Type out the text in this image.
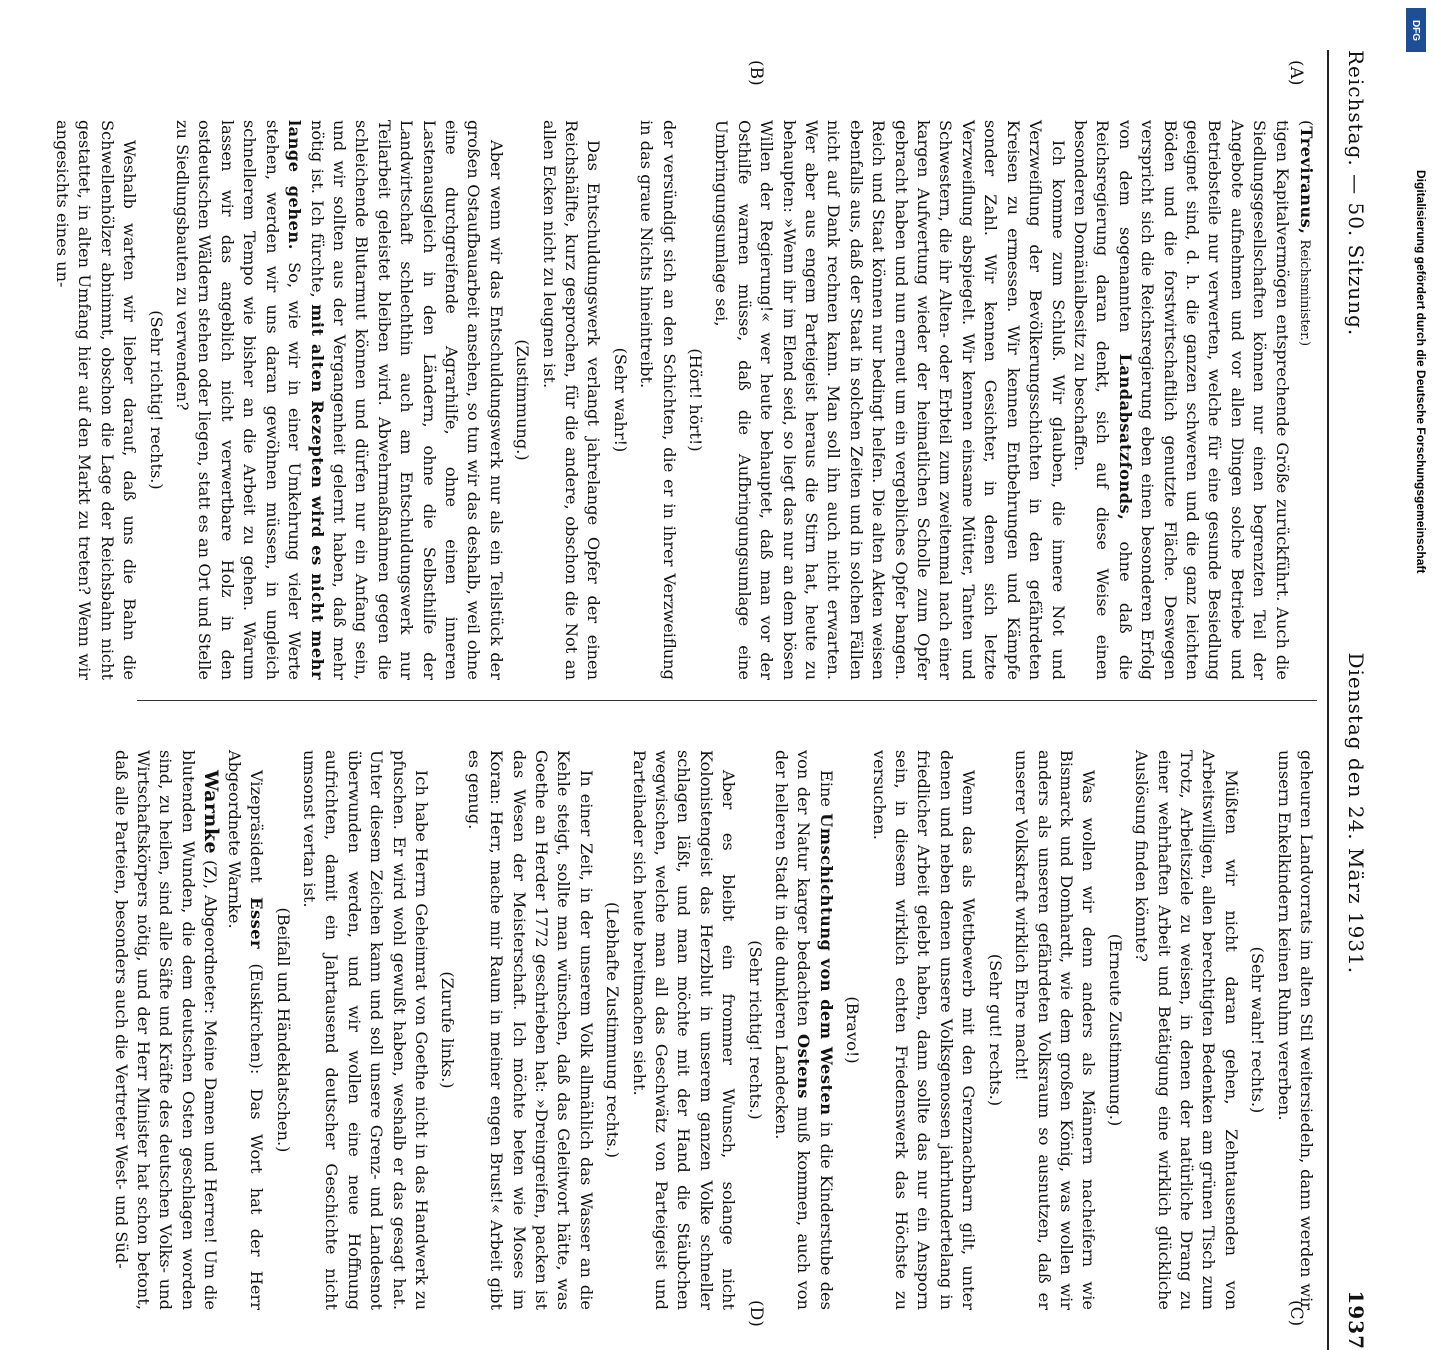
Reichstag. — 50. Sitzung.
Dienstag den 24. März 1931.
1937
(A)
(B)
(C)
(D)

(Treviranus, Reichsminister.)

tigen Kapitalvermögen entsprechende Größe zurückführt. Auch die Siedlungsgesellschaften können nur einen begrenzten Teil der Angebote aufnehmen und vor allen Dingen solche Betriebe und Betriebsteile nur verwerten, welche für eine gesunde Besiedlung geeignet sind, d. h. die ganzen schweren und die ganz leichten Böden und die forstwirtschaftlich genutzte Fläche. Deswegen verspricht sich die Reichsregierung eben einen besonderen Erfolg von dem sogenannten Landabsatzfonds, ohne daß die Reichsregierung daran denkt, sich auf diese Weise einen besonderen Domänialbesitz zu beschaffen.

Ich komme zum Schluß. Wir glauben, die innere Not und Verzweiflung der Bevölkerungsschichten in den gefährdeten Kreisen zu ermessen. Wir kennen Entbehrungen und Kämpfe sonder Zahl. Wir kennen Gesichter, in denen sich letzte Verzweiflung abspiegelt. Wir kennen einsame Mütter, Tanten und Schwestern, die ihr Alten- oder Erbteil zum zweitenmal nach einer kargen Aufwertung wieder der heimatlichen Scholle zum Opfer gebracht haben und nun erneut um ein vergebliches Opfer bangen. Reich und Staat können nur bedingt helfen. Die alten Akten weisen ebenfalls aus, daß der Staat in solchen Zeiten und in solchen Fällen nicht auf Dank rechnen kann. Man soll ihn auch nicht erwarten. Wer aber aus engem Parteigeist heraus die Stirn hat, heute zu behaupten: »Wenn ihr im Elend seid, so liegt das nur an dem bösen Willen der Regierung!« wer heute behauptet, daß man vor der Osthilfe warnen müsse, daß die Aufbringungsumlage eine Umbringungsumlage sei,

(Hört! hört!)

der versündigt sich an den Schichten, die er in ihrer Verzweiflung in das graue Nichts hineintreibt.

(Sehr wahr!)

Das Entschuldungswerk verlangt jahrelange Opfer der einen Reichshälfte, kurz gesprochen, für die andere, obschon die Not an allen Ecken nicht zu leugnen ist.

(Zustimmung.)

Aber wenn wir das Entschuldungswerk nur als ein Teilstück der großen Ostaufbauarbeit ansehen, so tun wir das deshalb, weil ohne eine durchgreifende Agrarhilfe, ohne einen inneren Lastenausgleich in den Ländern, ohne die Selbsthilfe der Landwirtschaft schlechthin auch am Entschuldungswerk nur Teilarbeit geleistet bleiben wird. Abwehrmaßnahmen gegen die schleichende Blutarmut können und dürfen nur ein Anfang sein, und wir sollten aus der Vergangenheit gelernt haben, daß mehr nötig ist. Ich fürchte, mit alten Rezepten wird es nicht mehr lange gehen. So, wie wir in einer Umkehrung vieler Werte stehen, werden wir uns daran gewöhnen müssen, in ungleich schnellerem Tempo wie bisher an die Arbeit zu gehen. Warum lassen wir das angeblich nicht verwertbare Holz in den ostdeutschen Wäldern stehen oder liegen, statt es an Ort und Stelle zu Siedlungsbauten zu verwenden?

(Sehr richtig! rechts.)

Weshalb warten wir lieber darauf, daß uns die Bahn die Schwellenhölzer abnimmt, obschon die Lage der Reichsbahn nicht gestattet, in alten Umfang hier auf den Markt zu treten? Wenn wir angesichts eines un-

geheuren Landvorrats im alten Stil weitersiedeln, dann werden wir unsern Enkelkindern keinen Ruhm vererben.

(Sehr wahr! rechts.)

Müßten wir nicht daran gehen, Zehntausenden von Arbeitswilligen, allen berechtigten Bedenken am grünen Tisch zum Trotz, Arbeitsziele zu weisen, in denen der natürliche Drang zu einer wehrhaften Arbeit und Betätigung eine wirklich glückliche Auslösung finden könnte?

(Erneute Zustimmung.)

Was wollen wir denn anders als Männern nacheifern wie Bismarck und Domhardt, wie dem großen König, was wollen wir anders als unseren gefährdeten Volksraum so ausnutzen, daß er unserer Volkskraft wirklich Ehre macht!

(Sehr gut! rechts.)

Wenn das als Wettbewerb mit den Grenznachbarn gilt, unter denen und neben denen unsere Volksgenossen jahrhundertelang in friedlicher Arbeit gelebt haben, dann sollte das nur ein Ansporn sein, in diesem wirklich echten Friedenswerk das Höchste zu versuchen.

(Bravo!)

Eine Umschichtung von dem Westen in die Kinderstube des von der Natur karger bedachten Ostens muß kommen, auch von der helleren Stadt in die dunkleren Landecken.

(Sehr richtig! rechts.)

Aber es bleibt ein frommer Wunsch, solange nicht Kolonistengeist das Herzblut in unserem ganzen Volke schneller schlagen läßt, und man möchte mit der Hand die Stäubchen wegwischen, welche man all das Geschwätz von Parteigeist und Parteihader sich heute breitmachen sieht.

(Lebhafte Zustimmung rechts.)

In einer Zeit, in der unserem Volk allmählich das Wasser an die Kehle steigt, sollte man wünschen, daß das Geleitwort hätte, was Goethe an Herder 1772 geschrieben hat: »Dreingreifen, packen ist das Wesen der Meisterschaft. Ich möchte beten wie Moses im Koran: Herr, mache mir Raum in meiner engen Brust!« Arbeit gibt es genug.

(Zurufe links.)

Ich habe Herrn Geheimrat von Goethe nicht in das Handwerk zu pfuschen. Er wird wohl gewußt haben, weshalb er das gesagt hat. Unter diesem Zeichen kann und soll unsere Grenz- und Landesnot überwunden werden, und wir wollen eine neue Hoffnung aufrichten, damit ein Jahrtausend deutscher Geschichte nicht umsonst vertan ist.

(Beifall und Händeklatschen.)

Vizepräsident Esser (Euskirchen): Das Wort hat der Herr Abgeordnete Warnke.

Warnke (Z), Abgeordneter: Meine Damen und Herren! Um die blutenden Wunden, die dem deutschen Osten geschlagen worden sind, zu heilen, sind alle Säfte und Kräfte des deutschen Volks- und Wirtschaftskörpers nötig, und der Herr Minister hat schon betont, daß alle Parteien, besonders auch die Vertreter West- und Süd-

DFG
Digitalisierung gefördert durch die Deutsche Forschungsgemeinschaft
